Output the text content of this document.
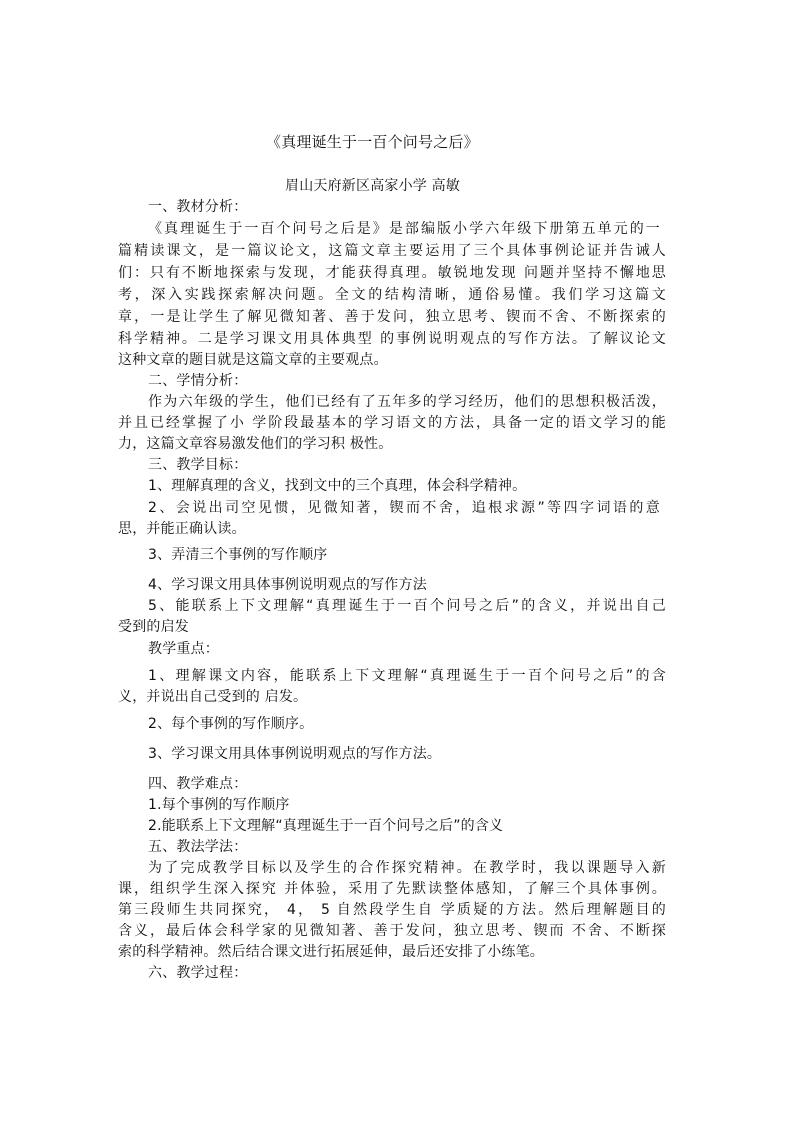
《真理诞生于一百个问号之后》
眉山天府新区高家小学 高敏
一、教材分析：
《真理诞生于一百个问号之后是》是部编版小学六年级下册第五单元的一
篇精读课文，是一篇议论文，这篇文章主要运用了三个具体事例论证并告诫人
们：只有不断地探索与发现，才能获得真理。敏锐地发现 问题并坚持不懈地思
考，深入实践探索解决问题。全文的结构清晰，通俗易懂。我们学习这篇文
章，一是让学生了解见微知著、善于发问，独立思考、锲而不舍、不断探索的
科学精神。二是学习课文用具体典型 的事例说明观点的写作方法。了解议论文
这种文章的题目就是这篇文章的主要观点。
二、学情分析：
作为六年级的学生，他们已经有了五年多的学习经历，他们的思想积极活泼，
并且已经掌握了小 学阶段最基本的学习语文的方法，具备一定的语文学习的能
力，这篇文章容易激发他们的学习积 极性。
三、教学目标：
1、理解真理的含义，找到文中的三个真理，体会科学精神。
2、会说出司空见惯，见微知著，锲而不舍，追根求源”等四字词语的意
思，并能正确认读。
3、弄清三个事例的写作顺序
4、学习课文用具体事例说明观点的写作方法
5、能联系上下文理解“真理诞生于一百个问号之后”的含义，并说出自己
受到的启发
教学重点：
1、理解课文内容，能联系上下文理解“真理诞生于一百个问号之后”的含
义，并说出自己受到的 启发。
2、每个事例的写作顺序。
3、学习课文用具体事例说明观点的写作方法。
四、教学难点：
1.每个事例的写作顺序
2.能联系上下文理解“真理诞生于一百个问号之后”的含义
五、教法学法：
为了完成教学目标以及学生的合作探究精神。在教学时，我以课题导入新
课，组织学生深入探究 并体验，采用了先默读整体感知，了解三个具体事例。
第三段师生共同探究， 4， 5 自然段学生自 学质疑的方法。然后理解题目的
含义，最后体会科学家的见微知著、善于发问，独立思考、锲而 不舍、不断探
索的科学精神。然后结合课文进行拓展延伸，最后还安排了小练笔。
六、教学过程：
